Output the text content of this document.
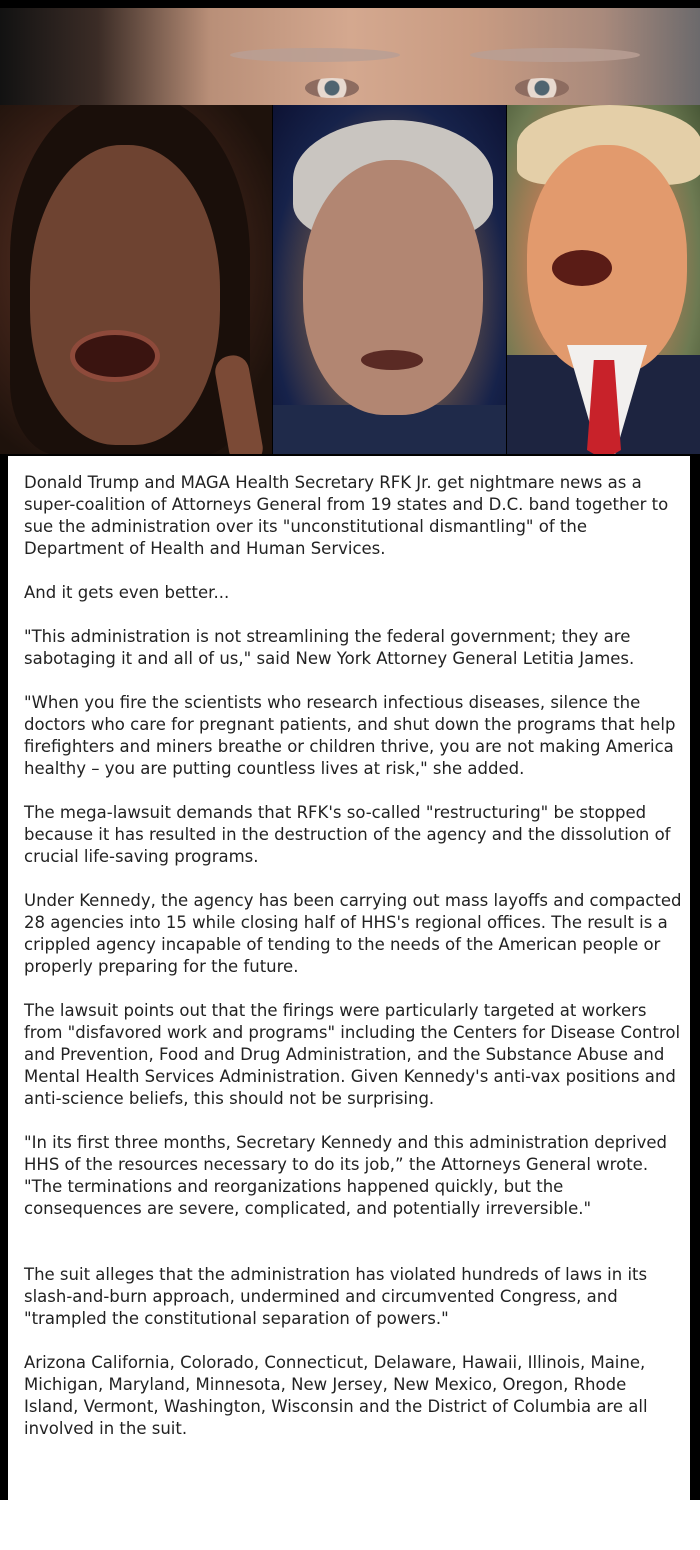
Donald Trump and MAGA Health Secretary RFK Jr. get nightmare news as a super-coalition of Attorneys General from 19 states and D.C. band together to sue the administration over its "unconstitutional dismantling" of the Department of Health and Human Services.

And it gets even better...

"This administration is not streamlining the federal government; they are sabotaging it and all of us," said New York Attorney General Letitia James.

"When you fire the scientists who research infectious diseases, silence the doctors who care for pregnant patients, and shut down the programs that help firefighters and miners breathe or children thrive, you are not making America healthy – you are putting countless lives at risk," she added.

The mega-lawsuit demands that RFK's so-called "restructuring" be stopped because it has resulted in the destruction of the agency and the dissolution of crucial life-saving programs.

Under Kennedy, the agency has been carrying out mass layoffs and compacted 28 agencies into 15 while closing half of HHS's regional offices. The result is a crippled agency incapable of tending to the needs of the American people or properly preparing for the future.

The lawsuit points out that the firings were particularly targeted at workers from "disfavored work and programs" including the Centers for Disease Control and Prevention, Food and Drug Administration, and the Substance Abuse and Mental Health Services Administration. Given Kennedy's anti-vax positions and anti-science beliefs, this should not be surprising.

"In its first three months, Secretary Kennedy and this administration deprived HHS of the resources necessary to do its job,” the Attorneys General wrote. "The terminations and reorganizations happened quickly, but the consequences are severe, complicated, and potentially irreversible."

The suit alleges that the administration has violated hundreds of laws in its slash-and-burn approach, undermined and circumvented Congress, and "trampled the constitutional separation of powers."

Arizona California, Colorado, Connecticut, Delaware, Hawaii, Illinois, Maine, Michigan, Maryland, Minnesota, New Jersey, New Mexico, Oregon, Rhode Island, Vermont, Washington, Wisconsin and the District of Columbia are all involved in the suit.
